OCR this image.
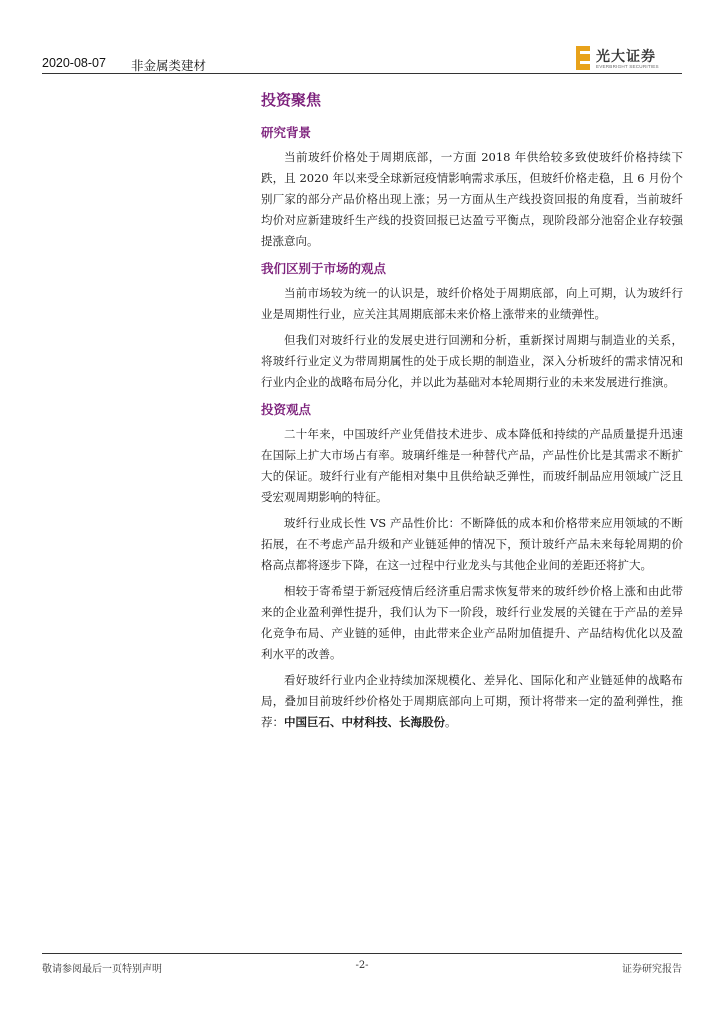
2020-08-07 非金属类建材
光大证券
EVERBRIGHT SECURITIES
投资聚焦
研究背景

当前玻纤价格处于周期底部，一方面 2018 年供给较多致使玻纤价格持续下跌，且 2020 年以来受全球新冠疫情影响需求承压，但玻纤价格走稳，且 6 月份个别厂家的部分产品价格出现上涨；另一方面从生产线投资回报的角度看，当前玻纤均价对应新建玻纤生产线的投资回报已达盈亏平衡点，现阶段部分池窑企业存较强提涨意向。

我们区别于市场的观点

当前市场较为统一的认识是，玻纤价格处于周期底部，向上可期，认为玻纤行业是周期性行业，应关注其周期底部未来价格上涨带来的业绩弹性。

但我们对玻纤行业的发展史进行回溯和分析，重新探讨周期与制造业的关系，将玻纤行业定义为带周期属性的处于成长期的制造业，深入分析玻纤的需求情况和行业内企业的战略布局分化，并以此为基础对本轮周期行业的未来发展进行推演。

投资观点

二十年来，中国玻纤产业凭借技术进步、成本降低和持续的产品质量提升迅速在国际上扩大市场占有率。玻璃纤维是一种替代产品，产品性价比是其需求不断扩大的保证。玻纤行业有产能相对集中且供给缺乏弹性，而玻纤制品应用领域广泛且受宏观周期影响的特征。

玻纤行业成长性 VS 产品性价比：不断降低的成本和价格带来应用领域的不断拓展，在不考虑产品升级和产业链延伸的情况下，预计玻纤产品未来每轮周期的价格高点都将逐步下降，在这一过程中行业龙头与其他企业间的差距还将扩大。

相较于寄希望于新冠疫情后经济重启需求恢复带来的玻纤纱价格上涨和由此带来的企业盈利弹性提升，我们认为下一阶段，玻纤行业发展的关键在于产品的差异化竞争布局、产业链的延伸，由此带来企业产品附加值提升、产品结构优化以及盈利水平的改善。

看好玻纤行业内企业持续加深规模化、差异化、国际化和产业链延伸的战略布局，叠加目前玻纤纱价格处于周期底部向上可期，预计将带来一定的盈利弹性，推荐：中国巨石、中材科技、长海股份。

敬请参阅最后一页特别声明	-2-	证券研究报告
